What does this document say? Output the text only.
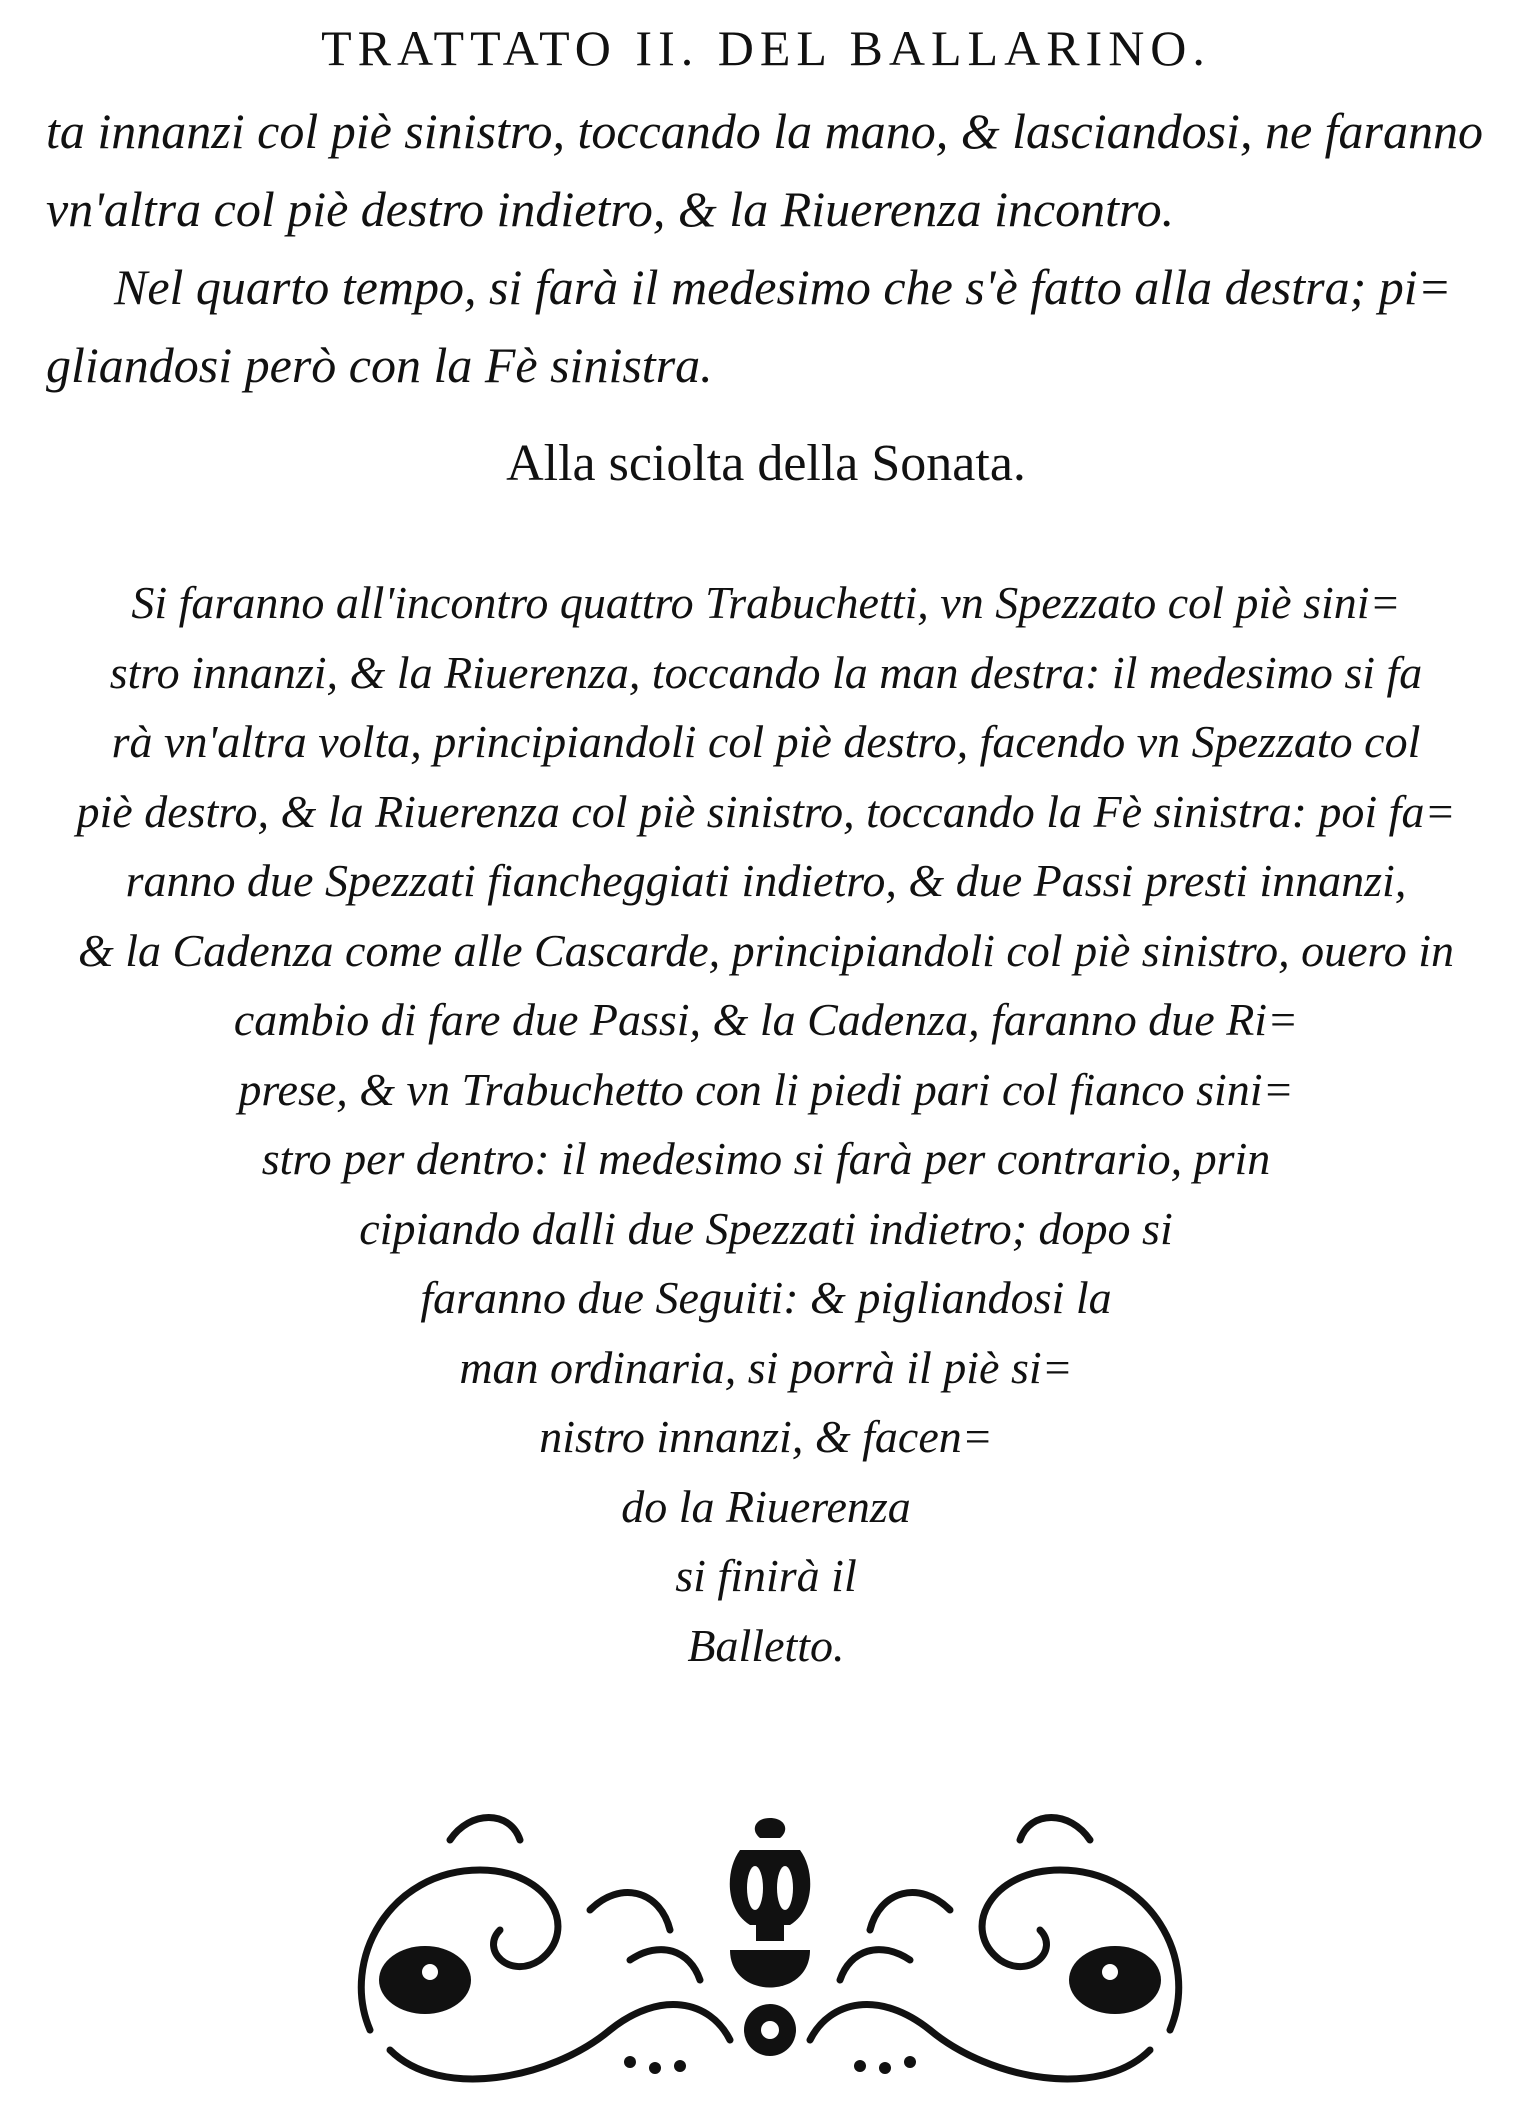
TRATTATO II. DEL BALLARINO.
ta innanzi col piè sinistro, toccando la mano, & lasciandosi, ne faranno
vn'altra col piè destro indietro, & la Riuerenza incontro.
Nel quarto tempo, si farà il medesimo che s'è fatto alla destra; pi=
gliandosi però con la Fè sinistra.
Alla sciolta della Sonata.
Si faranno all'incontro quattro Trabuchetti, vn Spezzato col piè sini=
stro innanzi, & la Riuerenza, toccando la man destra: il medesimo si fa
rà vn'altra volta, principiandoli col piè destro, facendo vn Spezzato col
piè destro, & la Riuerenza col piè sinistro, toccando la Fè sinistra: poi fa=
ranno due Spezzati fiancheggiati indietro, & due Passi presti innanzi,
& la Cadenza come alle Cascarde, principiandoli col piè sinistro, ouero in
cambio di fare due Passi, & la Cadenza, faranno due Ri=
prese, & vn Trabuchetto con li piedi pari col fianco sini=
stro per dentro: il medesimo si farà per contrario, prin
cipiando dalli due Spezzati indietro; dopo si
faranno due Seguiti: & pigliandosi la
man ordinaria, si porrà il piè si=
nistro innanzi, & facen=
do la Riuerenza
si finirà il
Balletto.
